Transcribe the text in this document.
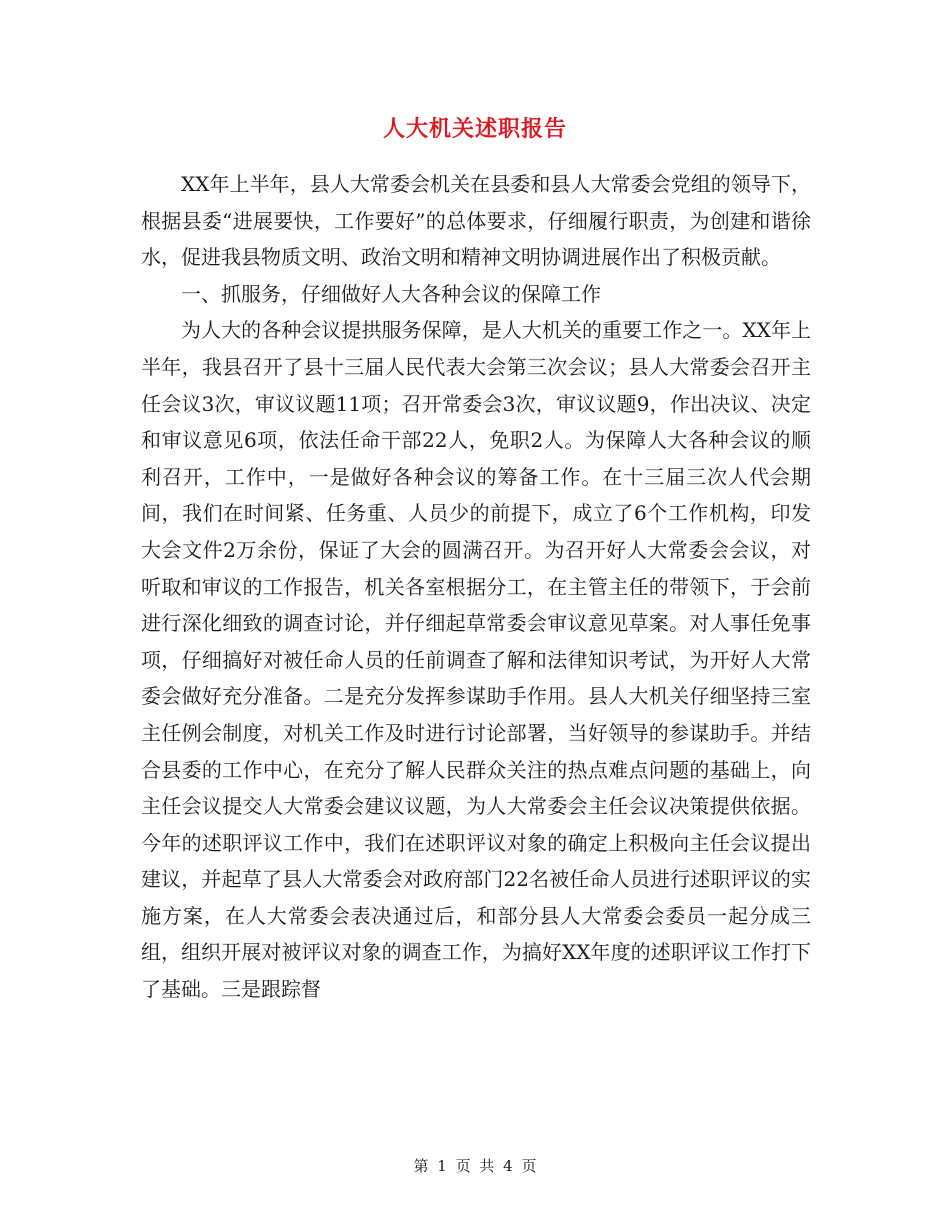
人大机关述职报告

XX年上半年，县人大常委会机关在县委和县人大常委会党组的领导下，根据县委“进展要快，工作要好”的总体要求，仔细履行职责，为创建和谐徐水，促进我县物质文明、政治文明和精神文明协调进展作出了积极贡献。

一、抓服务，仔细做好人大各种会议的保障工作

为人大的各种会议提拱服务保障，是人大机关的重要工作之一。XX年上半年，我县召开了县十三届人民代表大会第三次会议；县人大常委会召开主任会议3次，审议议题11项；召开常委会3次，审议议题9，作出决议、决定和审议意见6项，依法任命干部22人，免职2人。为保障人大各种会议的顺利召开，工作中，一是做好各种会议的筹备工作。在十三届三次人代会期间，我们在时间紧、任务重、人员少的前提下，成立了6个工作机构，印发大会文件2万余份，保证了大会的圆满召开。为召开好人大常委会会议，对听取和审议的工作报告，机关各室根据分工，在主管主任的带领下，于会前进行深化细致的调查讨论，并仔细起草常委会审议意见草案。对人事任免事项，仔细搞好对被任命人员的任前调查了解和法律知识考试，为开好人大常委会做好充分准备。二是充分发挥参谋助手作用。县人大机关仔细坚持三室主任例会制度，对机关工作及时进行讨论部署，当好领导的参谋助手。并结合县委的工作中心，在充分了解人民群众关注的热点难点问题的基础上，向主任会议提交人大常委会建议议题，为人大常委会主任会议决策提供依据。今年的述职评议工作中，我们在述职评议对象的确定上积极向主任会议提出建议，并起草了县人大常委会对政府部门22名被任命人员进行述职评议的实施方案，在人大常委会表决通过后，和部分县人大常委会委员一起分成三组，组织开展对被评议对象的调查工作，为搞好XX年度的述职评议工作打下了基础。三是跟踪督

第 1 页 共 4 页
